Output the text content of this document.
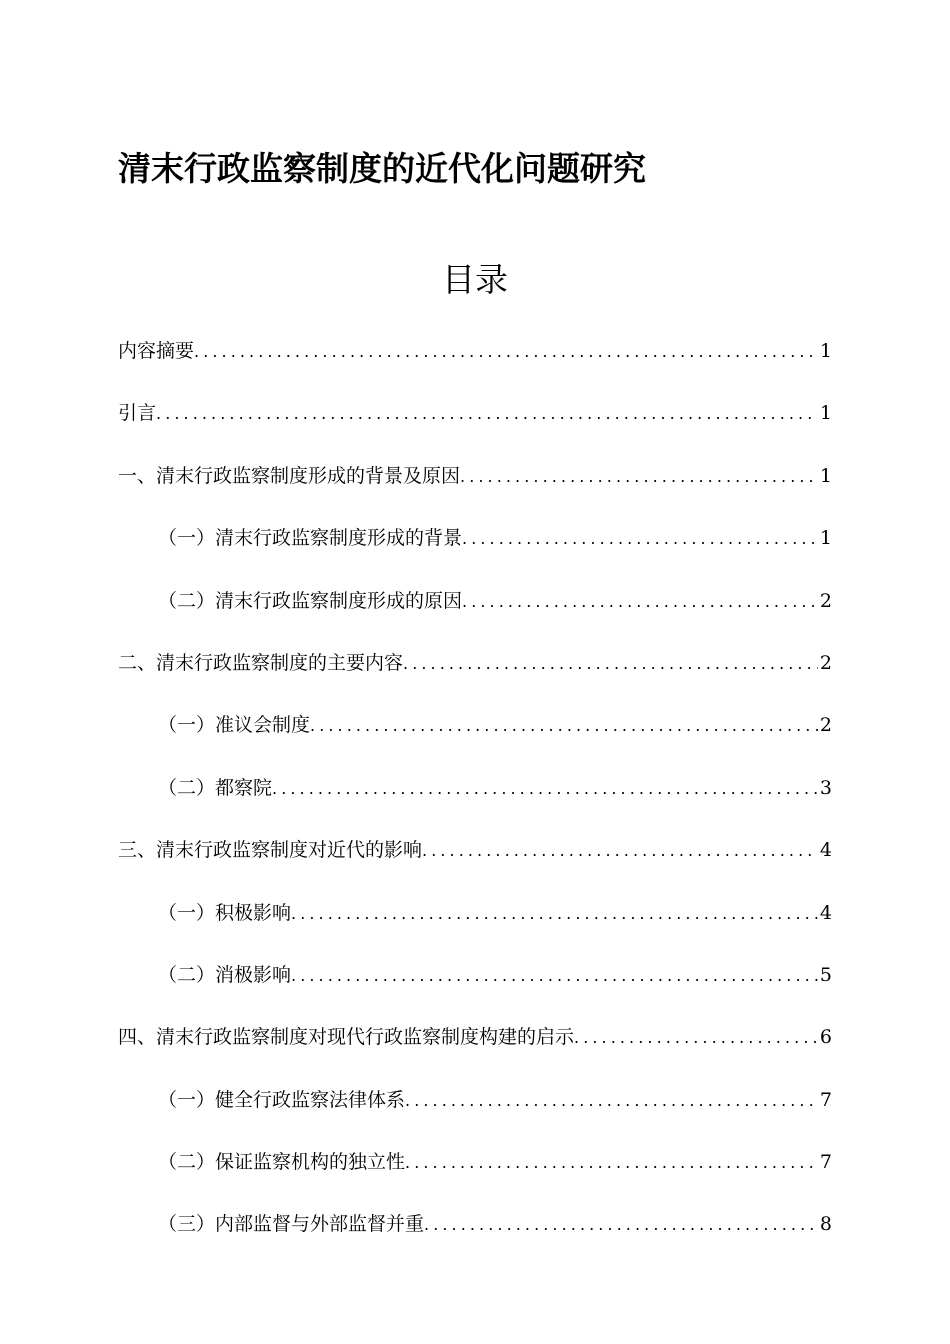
清末行政监察制度的近代化问题研究
目录
内容摘要 . . .	1
引言 . . .	1
一、清末行政监察制度形成的背景及原因 . . .	1
（一）清末行政监察制度形成的背景 . . .	1
（二）清末行政监察制度形成的原因 . . .	2
二、清末行政监察制度的主要内容 . . .	2
（一）准议会制度 . . .	2
（二）都察院 . . .	3
三、清末行政监察制度对近代的影响 . . .	4
（一）积极影响 . . .	4
（二）消极影响 . . .	5
四、清末行政监察制度对现代行政监察制度构建的启示 . . .	6
（一）健全行政监察法律体系 . . .	7
（二）保证监察机构的独立性 . . .	7
（三）内部监督与外部监督并重 . . .	8
